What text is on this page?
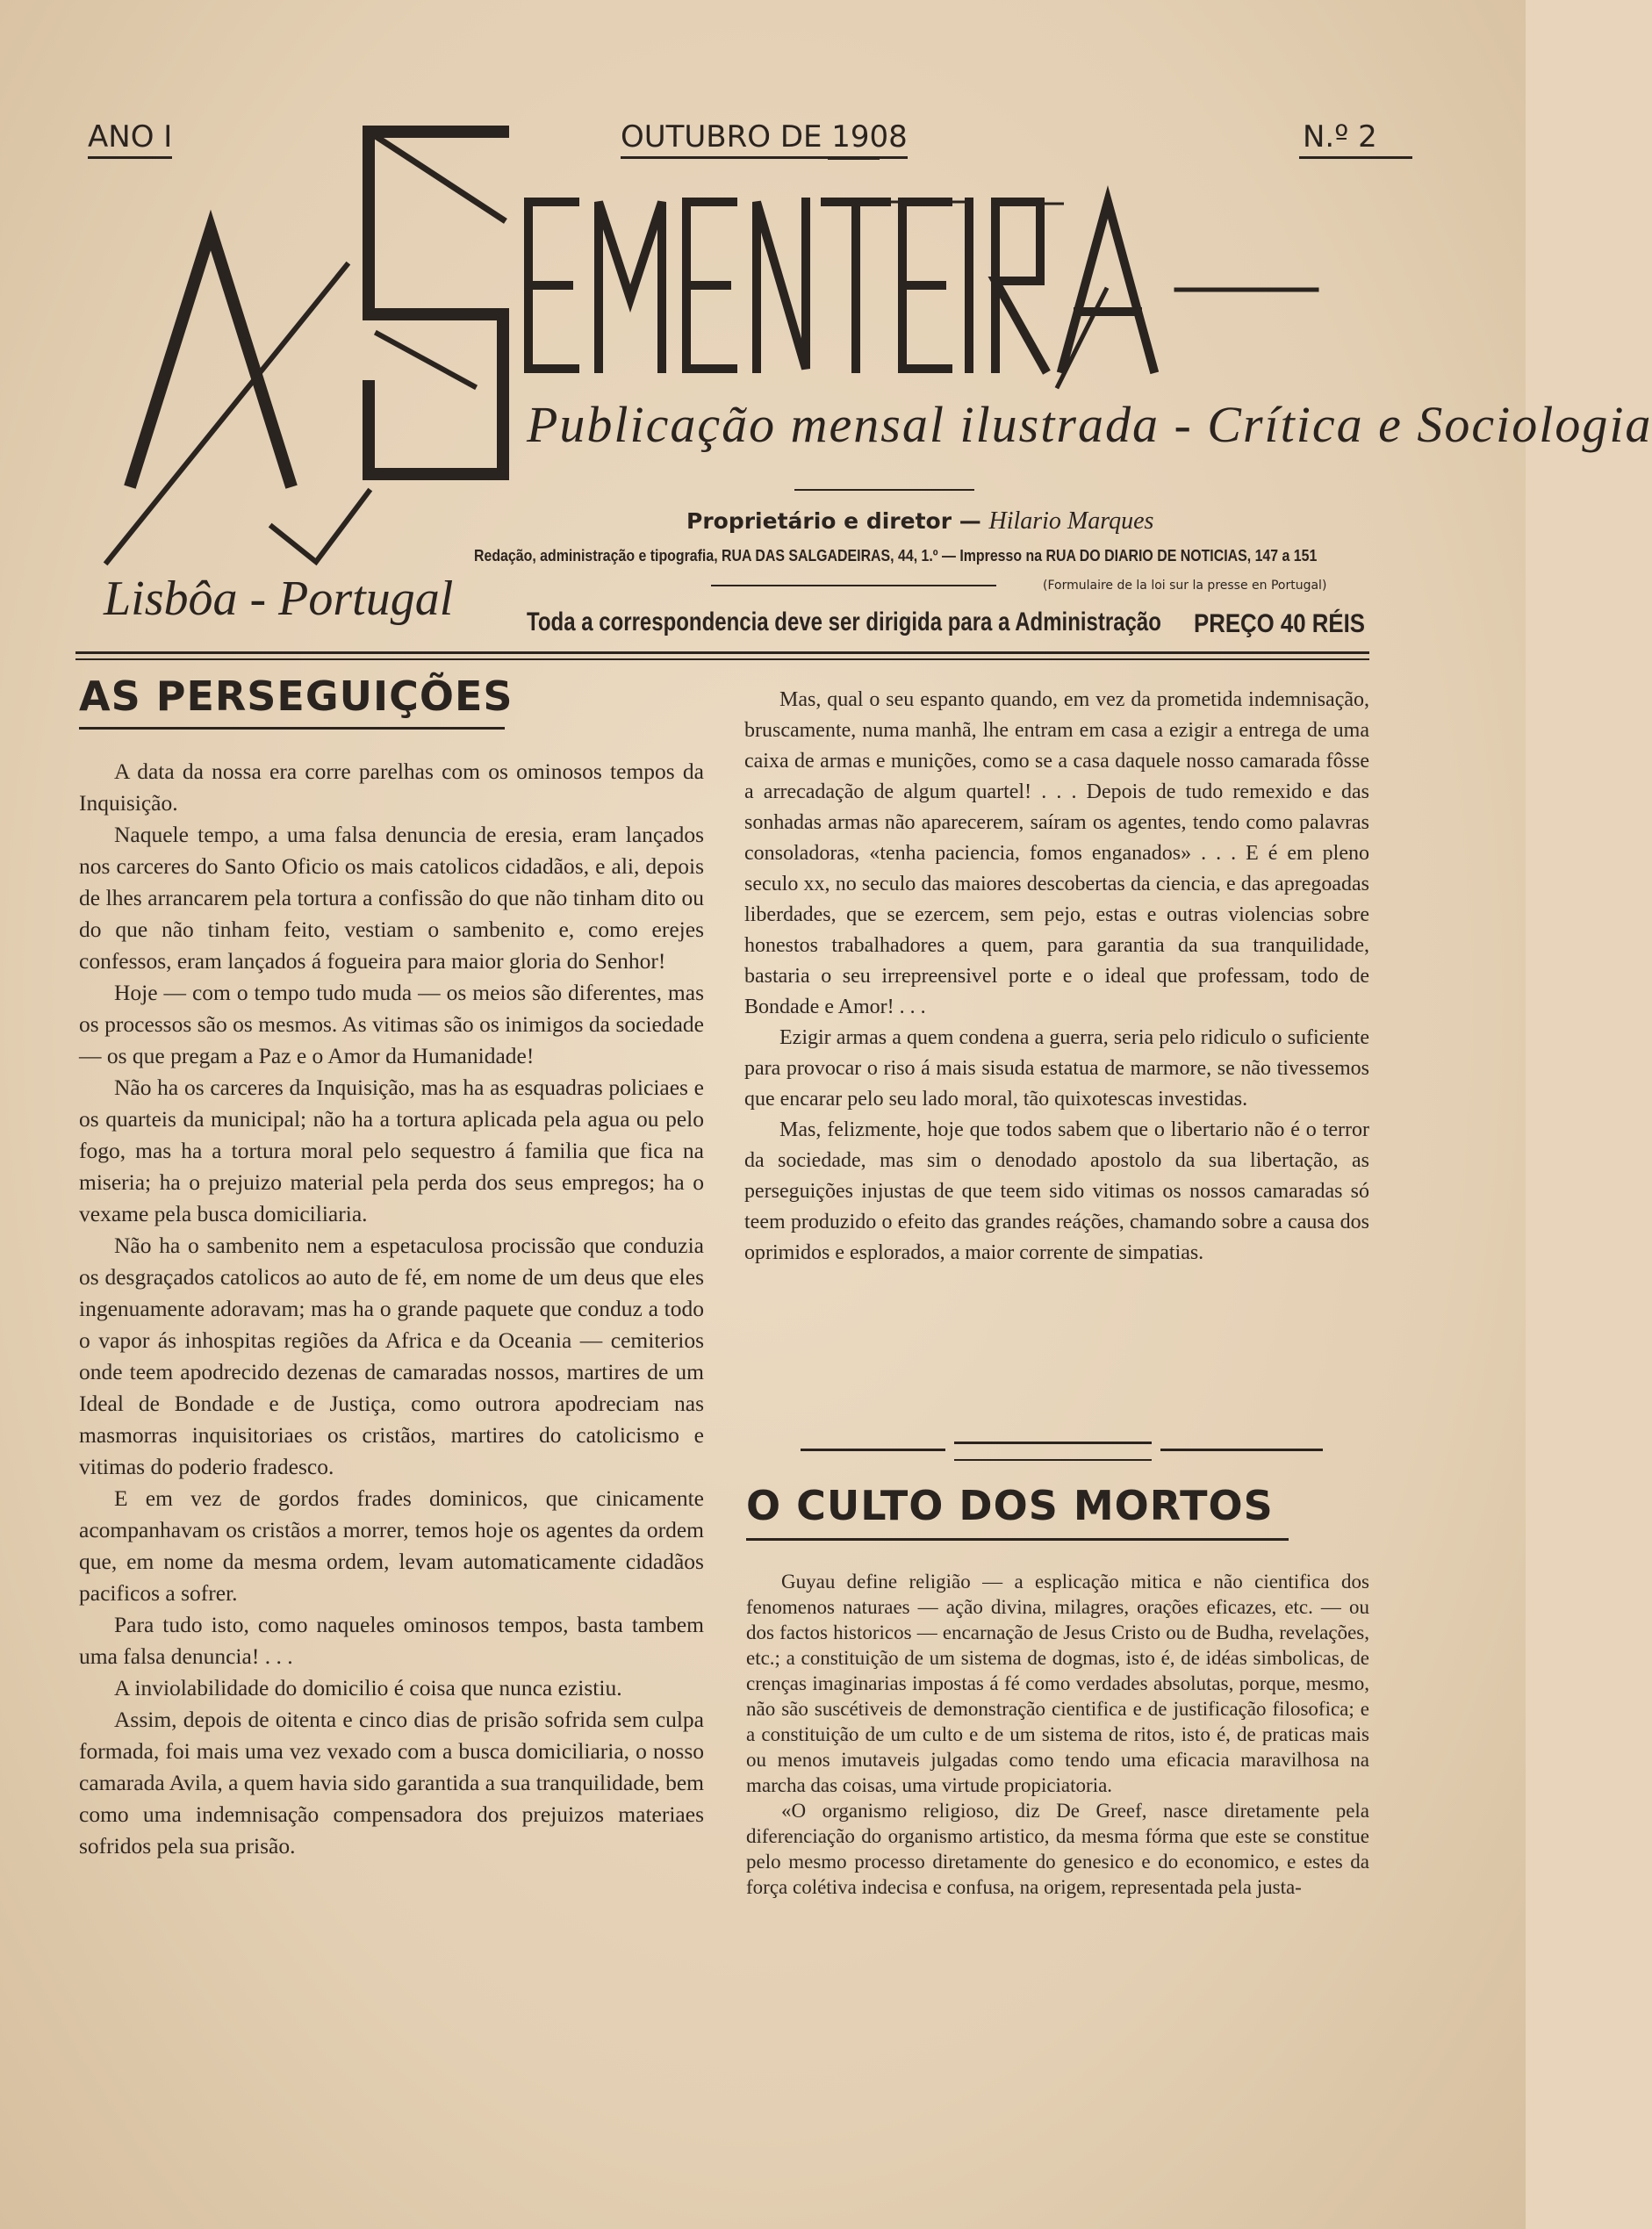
ANO I	OUTUBRO DE 1908	N.º 2
Publicação mensal ilustrada - Crítica e Sociologia
Proprietário e diretor — Hilario Marques
Redação, administração e tipografia, RUA DAS SALGADEIRAS, 44, 1.º — Impresso na RUA DO DIARIO DE NOTICIAS, 147 a 151
(Formulaire de la loi sur la presse en Portugal)
Lisbôa - Portugal	Toda a correspondencia deve ser dirigida para a Administração PREÇO 40 RÉIS
AS PERSEGUIÇÕES

A data da nossa era corre parelhas com os ominosos tempos da Inquisição.

Naquele tempo, a uma falsa denuncia de eresia, eram lançados nos carceres do Santo Oficio os mais catolicos cidadãos, e ali, depois de lhes arrancarem pela tortura a confissão do que não tinham dito ou do que não tinham feito, vestiam o sambenito e, como erejes confessos, eram lançados á fogueira para maior gloria do Senhor!

Hoje — com o tempo tudo muda — os meios são diferentes, mas os processos são os mesmos. As vitimas são os inimigos da sociedade — os que pregam a Paz e o Amor da Humanidade!

Não ha os carceres da Inquisição, mas ha as esquadras policiaes e os quarteis da municipal; não ha a tortura aplicada pela agua ou pelo fogo, mas ha a tortura moral pelo sequestro á familia que fica na miseria; ha o prejuizo material pela perda dos seus empregos; ha o vexame pela busca domiciliaria.

Não ha o sambenito nem a espetaculosa procissão que conduzia os desgraçados catolicos ao auto de fé, em nome de um deus que eles ingenuamente adoravam; mas ha o grande paquete que conduz a todo o vapor ás inhospitas regiões da Africa e da Oceania — cemiterios onde teem apodrecido dezenas de camaradas nossos, martires de um Ideal de Bondade e de Justiça, como outrora apodreciam nas masmorras inquisitoriaes os cristãos, martires do catolicismo e vitimas do poderio fradesco.

E em vez de gordos frades dominicos, que cinicamente acompanhavam os cristãos a morrer, temos hoje os agentes da ordem que, em nome da mesma ordem, levam automaticamente cidadãos pacificos a sofrer.

Para tudo isto, como naqueles ominosos tempos, basta tambem uma falsa denuncia! . . .

A inviolabilidade do domicilio é coisa que nunca ezistiu.

Assim, depois de oitenta e cinco dias de prisão sofrida sem culpa formada, foi mais uma vez vexado com a busca domiciliaria, o nosso camarada Avila, a quem havia sido garantida a sua tranquilidade, bem como uma indemnisação compensadora dos prejuizos materiaes sofridos pela sua prisão.

Mas, qual o seu espanto quando, em vez da prometida indemnisação, bruscamente, numa manhã, lhe entram em casa a ezigir a entrega de uma caixa de armas e munições, como se a casa daquele nosso camarada fôsse a arrecadação de algum quartel! . . . Depois de tudo remexido e das sonhadas armas não aparecerem, saíram os agentes, tendo como palavras consoladoras, «tenha paciencia, fomos enganados» . . . E é em pleno seculo xx, no seculo das maiores descobertas da ciencia, e das apregoadas liberdades, que se ezercem, sem pejo, estas e outras violencias sobre honestos trabalhadores a quem, para garantia da sua tranquilidade, bastaria o seu irrepreensivel porte e o ideal que professam, todo de Bondade e Amor! . . .

Ezigir armas a quem condena a guerra, seria pelo ridiculo o suficiente para provocar o riso á mais sisuda estatua de marmore, se não tivessemos que encarar pelo seu lado moral, tão quixotescas investidas.

Mas, felizmente, hoje que todos sabem que o libertario não é o terror da sociedade, mas sim o denodado apostolo da sua libertação, as perseguições injustas de que teem sido vitimas os nossos camaradas só teem produzido o efeito das grandes reáções, chamando sobre a causa dos oprimidos e esplorados, a maior corrente de simpatias.

O CULTO DOS MORTOS

Guyau define religião — a esplicação mitica e não cientifica dos fenomenos naturaes — ação divina, milagres, orações eficazes, etc. — ou dos factos historicos — encarnação de Jesus Cristo ou de Budha, revelações, etc.; a constituição de um sistema de dogmas, isto é, de idéas simbolicas, de crenças imaginarias impostas á fé como verdades absolutas, porque, mesmo, não são suscétiveis de demonstração cientifica e de justificação filosofica; e a constituição de um culto e de um sistema de ritos, isto é, de praticas mais ou menos imutaveis julgadas como tendo uma eficacia maravilhosa na marcha das coisas, uma virtude propiciatoria.

«O organismo religioso, diz De Greef, nasce diretamente pela diferenciação do organismo artistico, da mesma fórma que este se constitue pelo mesmo processo diretamente do genesico e do economico, e estes da força colétiva indecisa e confusa, na origem, representada pela justa-
